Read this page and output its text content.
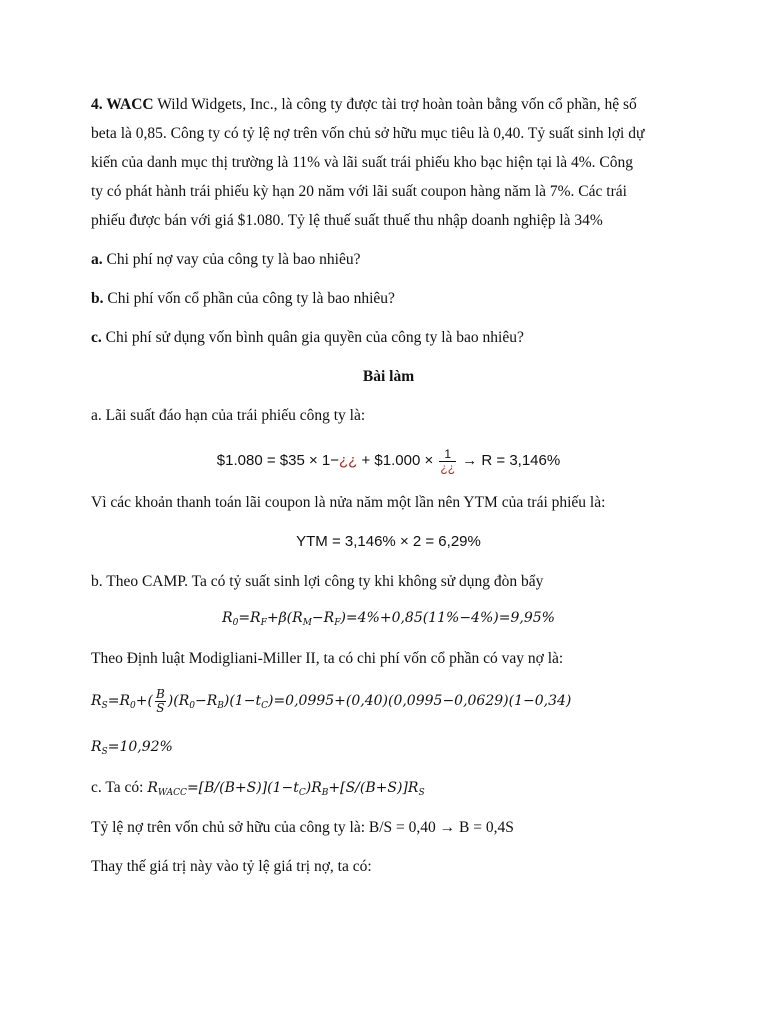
4. WACC Wild Widgets, Inc., là công ty được tài trợ hoàn toàn bằng vốn cổ phần, hệ số
beta là 0,85. Công ty có tỷ lệ nợ trên vốn chủ sở hữu mục tiêu là 0,40. Tỷ suất sinh lợi dự
kiến của danh mục thị trường là 11% và lãi suất trái phiếu kho bạc hiện tại là 4%. Công
ty có phát hành trái phiếu kỳ hạn 20 năm với lãi suất coupon hàng năm là 7%. Các trái
phiếu được bán với giá $1.080. Tỷ lệ thuế suất thuế thu nhập doanh nghiệp là 34%

a. Chi phí nợ vay của công ty là bao nhiêu?

b. Chi phí vốn cổ phần của công ty là bao nhiêu?

c. Chi phí sử dụng vốn bình quân gia quyền của công ty là bao nhiêu?

Bài làm

a. Lãi suất đáo hạn của trái phiếu công ty là:

$1.080 = $35 × 1−¿¿ + $1.000 × $\frac{1}{¿¿} \to R = 3,146\%$

Vì các khoản thanh toán lãi coupon là nửa năm một lần nên YTM của trái phiếu là:

YTM = 3,146% × 2 = 6,29%

b. Theo CAMP. Ta có tỷ suất sinh lợi công ty khi không sử dụng đòn bẩy

$R_0=R_F+\beta(R_M-R_F)=4\%+0,85(11\%-4\%)=9,95\%$

Theo Định luật Modigliani-Miller II, ta có chi phí vốn cổ phần có vay nợ là:

$R_S=R_0+( \frac{B}{S} )(R_0-R_B)(1-t_C)=0,0995+(0,40)(0,0995-0,0629)(1-0,34)$

$R_S=10,92\%$

c. Ta có: $R_{WACC}=[B/(B+S)](1-t_C)R_B+[S/(B+S)]R_S$

Tỷ lệ nợ trên vốn chủ sở hữu của công ty là: B/S = 0,40 → B = 0,4S

Thay thế giá trị này vào tỷ lệ giá trị nợ, ta có:
